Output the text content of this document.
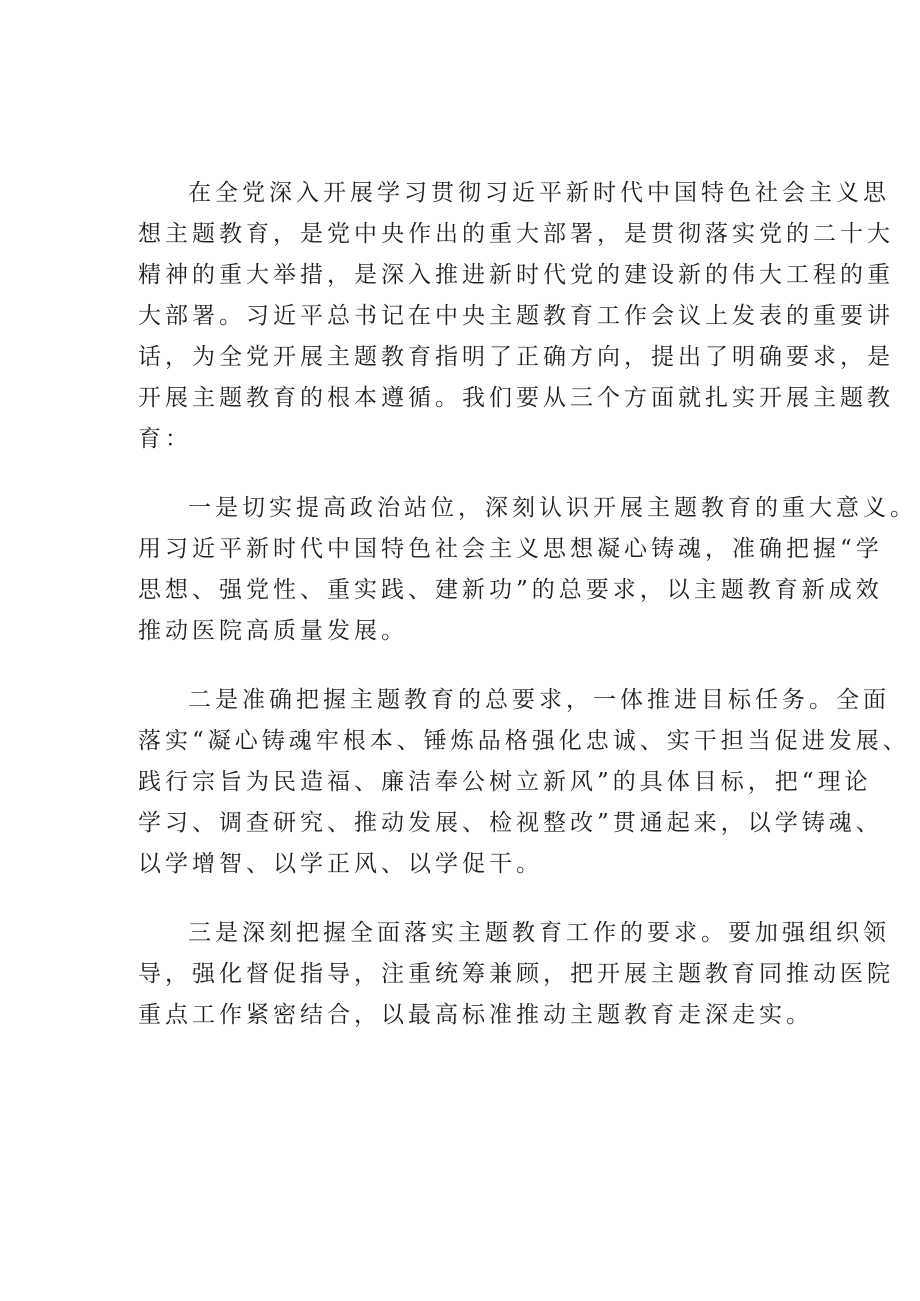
在全党深入开展学习贯彻习近平新时代中国特色社会主义思
想主题教育，是党中央作出的重大部署，是贯彻落实党的二十大
精神的重大举措，是深入推进新时代党的建设新的伟大工程的重
大部署。习近平总书记在中央主题教育工作会议上发表的重要讲
话，为全党开展主题教育指明了正确方向，提出了明确要求，是
开展主题教育的根本遵循。我们要从三个方面就扎实开展主题教
育：

一是切实提高政治站位，深刻认识开展主题教育的重大意义。
用习近平新时代中国特色社会主义思想凝心铸魂，准确把握“学
思想、强党性、重实践、建新功”的总要求，以主题教育新成效
推动医院高质量发展。

二是准确把握主题教育的总要求，一体推进目标任务。全面
落实“凝心铸魂牢根本、锤炼品格强化忠诚、实干担当促进发展、
践行宗旨为民造福、廉洁奉公树立新风”的具体目标，把“理论
学习、调查研究、推动发展、检视整改”贯通起来，以学铸魂、
以学增智、以学正风、以学促干。

三是深刻把握全面落实主题教育工作的要求。要加强组织领
导，强化督促指导，注重统筹兼顾，把开展主题教育同推动医院
重点工作紧密结合，以最高标准推动主题教育走深走实。
